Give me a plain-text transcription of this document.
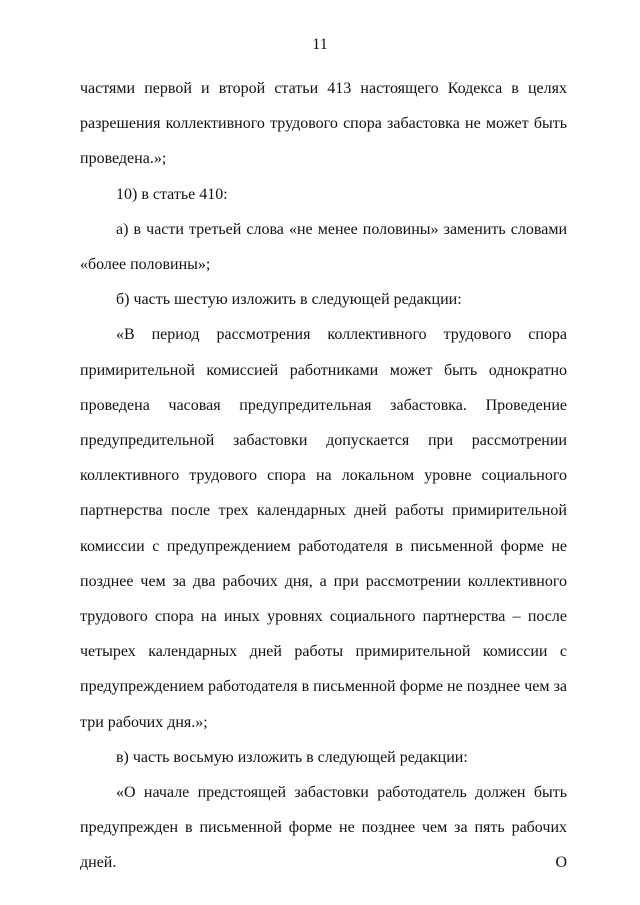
11

частями первой и второй статьи 413 настоящего Кодекса в целях разрешения коллективного трудового спора забастовка не может быть проведена.»;

10) в статье 410:

а) в части третьей слова «не менее половины» заменить словами «более половины»;

б) часть шестую изложить в следующей редакции:

«В период рассмотрения коллективного трудового спора примирительной комиссией работниками может быть однократно проведена часовая предупредительная забастовка. Проведение предупредительной забастовки допускается при рассмотрении коллективного трудового спора на локальном уровне социального партнерства после трех календарных дней работы примирительной комиссии с предупреждением работодателя в письменной форме не позднее чем за два рабочих дня, а при рассмотрении коллективного трудового спора на иных уровнях социального партнерства – после четырех календарных дней работы примирительной комиссии с предупреждением работодателя в письменной форме не позднее чем за три рабочих дня.»;

в) часть восьмую изложить в следующей редакции:

«О начале предстоящей забастовки работодатель должен быть предупрежден в письменной форме не позднее чем за пять рабочих дней. О
